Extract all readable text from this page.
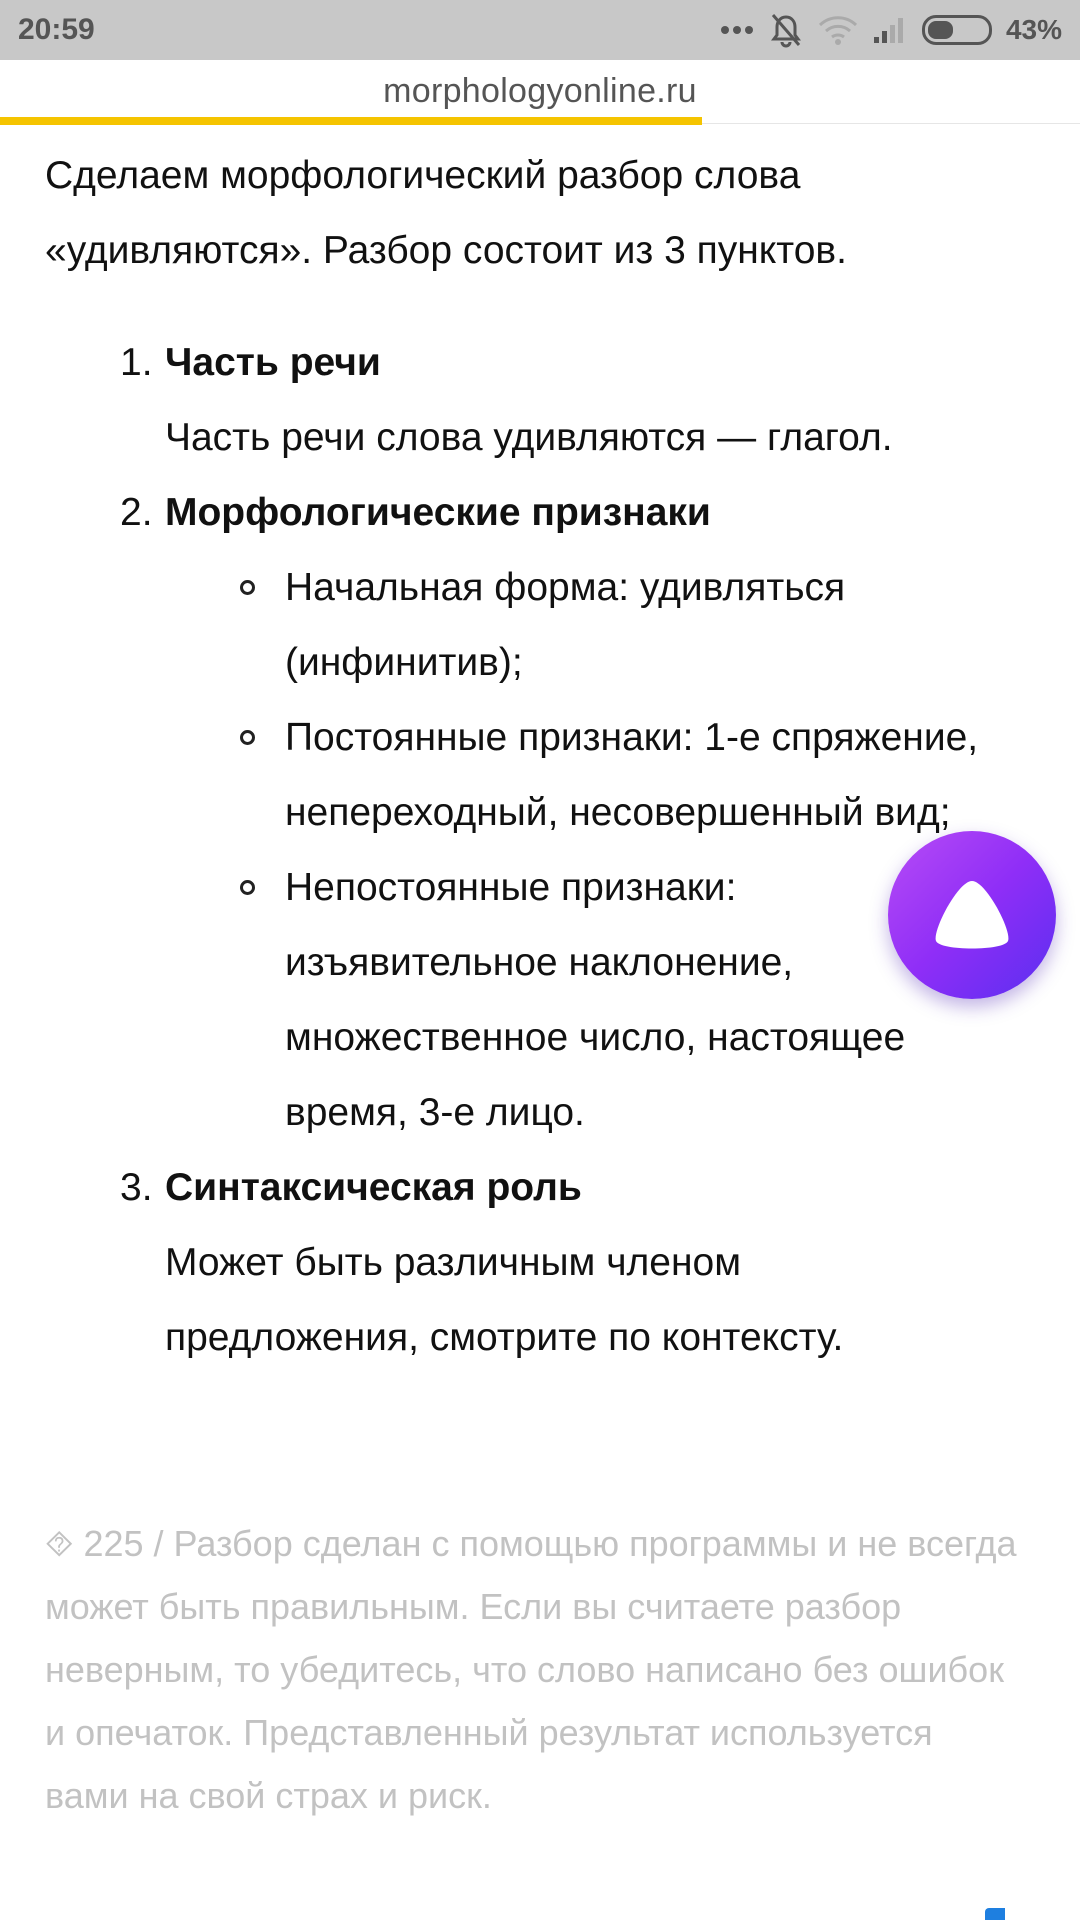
20:59	43%
morphologyonline.ru
Сделаем морфологический разбор слова «удивляются». Разбор состоит из 3 пунктов.
1. Часть речи
Часть речи слова удивляются — глагол.
2. Морфологические признаки
Начальная форма: удивляться (инфинитив);
Постоянные признаки: 1-е спряжение, непереходный, несовершенный вид;
Непостоянные признаки: изъявительное наклонение, множественное число, настоящее время, 3-е лицо.
3. Синтаксическая роль
Может быть различным членом предложения, смотрите по контексту.
⯑ 225 / Разбор сделан с помощью программы и не всегда может быть правильным. Если вы считаете разбор неверным, то убедитесь, что слово написано без ошибок и опечаток. Представленный результат используется вами на свой страх и риск.
